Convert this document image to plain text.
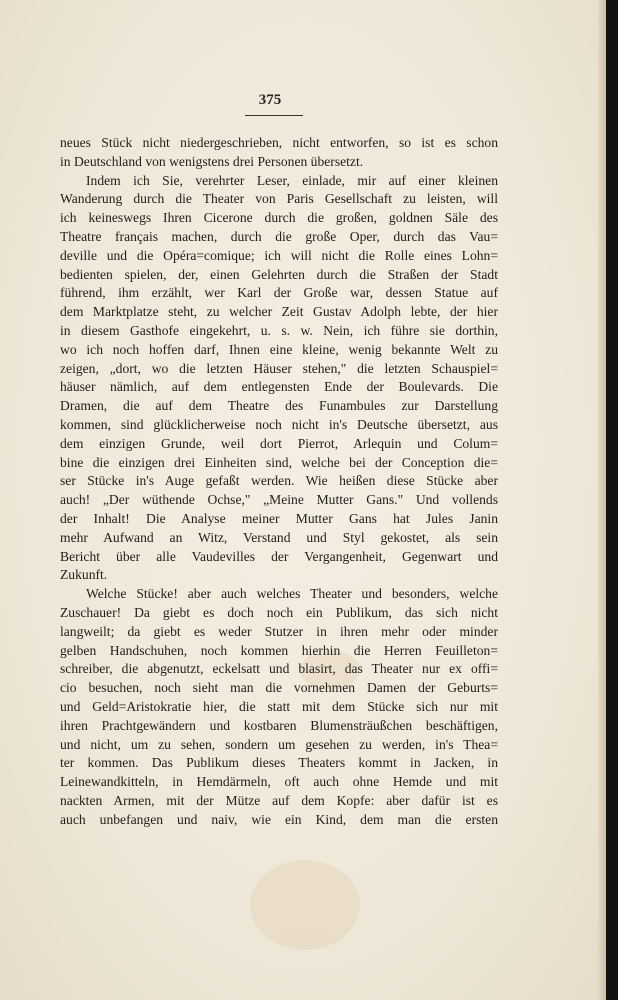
375
neues Stück nicht niedergeschrieben, nicht entworfen, so ist es schon
in Deutschland von wenigstens drei Personen übersetzt.
Indem ich Sie, verehrter Leser, einlade, mir auf einer kleinen
Wanderung durch die Theater von Paris Gesellschaft zu leisten, will
ich keineswegs Ihren Cicerone durch die großen, goldnen Säle des
Theatre français machen, durch die große Oper, durch das Vau=
deville und die Opéra=comique; ich will nicht die Rolle eines Lohn=
bedienten spielen, der, einen Gelehrten durch die Straßen der Stadt
führend, ihm erzählt, wer Karl der Große war, dessen Statue auf
dem Marktplatze steht, zu welcher Zeit Gustav Adolph lebte, der hier
in diesem Gasthofe eingekehrt, u. s. w. Nein, ich führe sie dorthin,
wo ich noch hoffen darf, Ihnen eine kleine, wenig bekannte Welt zu
zeigen, „dort, wo die letzten Häuser stehen," die letzten Schauspiel=
häuser nämlich, auf dem entlegensten Ende der Boulevards. Die
Dramen, die auf dem Theatre des Funambules zur Darstellung
kommen, sind glücklicherweise noch nicht in's Deutsche übersetzt, aus
dem einzigen Grunde, weil dort Pierrot, Arlequin und Colum=
bine die einzigen drei Einheiten sind, welche bei der Conception die=
ser Stücke in's Auge gefaßt werden. Wie heißen diese Stücke aber
auch! „Der wüthende Ochse," „Meine Mutter Gans." Und vollends
der Inhalt! Die Analyse meiner Mutter Gans hat Jules Janin
mehr Aufwand an Witz, Verstand und Styl gekostet, als sein
Bericht über alle Vaudevilles der Vergangenheit, Gegenwart und
Zukunft.
Welche Stücke! aber auch welches Theater und besonders, welche
Zuschauer! Da giebt es doch noch ein Publikum, das sich nicht
langweilt; da giebt es weder Stutzer in ihren mehr oder minder
gelben Handschuhen, noch kommen hierhin die Herren Feuilleton=
schreiber, die abgenutzt, eckelsatt und blasirt, das Theater nur ex offi=
cio besuchen, noch sieht man die vornehmen Damen der Geburts=
und Geld=Aristokratie hier, die statt mit dem Stücke sich nur mit
ihren Prachtgewändern und kostbaren Blumensträußchen beschäftigen,
und nicht, um zu sehen, sondern um gesehen zu werden, in's Thea=
ter kommen. Das Publikum dieses Theaters kommt in Jacken, in
Leinewandkitteln, in Hemdärmeln, oft auch ohne Hemde und mit
nackten Armen, mit der Mütze auf dem Kopfe: aber dafür ist es
auch unbefangen und naiv, wie ein Kind, dem man die ersten
